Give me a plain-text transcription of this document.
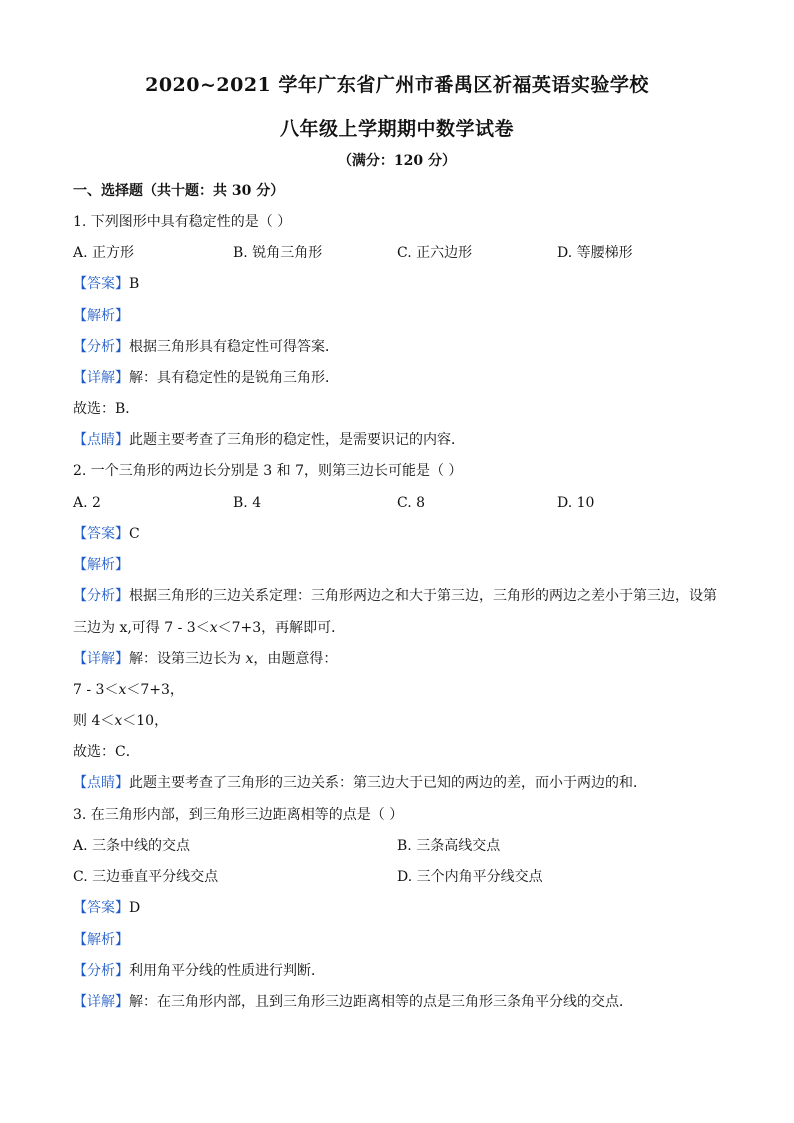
2020~2021 学年广东省广州市番禺区祈福英语实验学校
八年级上学期期中数学试卷
（满分：120 分）
一、选择题（共十题：共 30 分）
1. 下列图形中具有稳定性的是（ ）
A. 正方形	B. 锐角三角形	C. 正六边形	D. 等腰梯形
【答案】B
【解析】
【分析】根据三角形具有稳定性可得答案．
【详解】解：具有稳定性的是锐角三角形．
故选：B．
【点睛】此题主要考查了三角形的稳定性，是需要识记的内容．
2. 一个三角形的两边长分别是 3 和 7，则第三边长可能是（ ）
A. 2	B. 4	C. 8	D. 10
【答案】C
【解析】
【分析】根据三角形的三边关系定理：三角形两边之和大于第三边，三角形的两边之差小于第三边，设第
三边为 x,可得 7 - 3＜x＜7+3，再解即可．
【详解】解：设第三边长为 x，由题意得：
7 - 3＜x＜7+3，
则 4＜x＜10，
故选：C．
【点睛】此题主要考查了三角形的三边关系：第三边大于已知的两边的差，而小于两边的和．
3. 在三角形内部，到三角形三边距离相等的点是（ ）
A. 三条中线的交点	B. 三条高线交点
C. 三边垂直平分线交点	D. 三个内角平分线交点
【答案】D
【解析】
【分析】利用角平分线的性质进行判断．
【详解】解：在三角形内部，且到三角形三边距离相等的点是三角形三条角平分线的交点．
